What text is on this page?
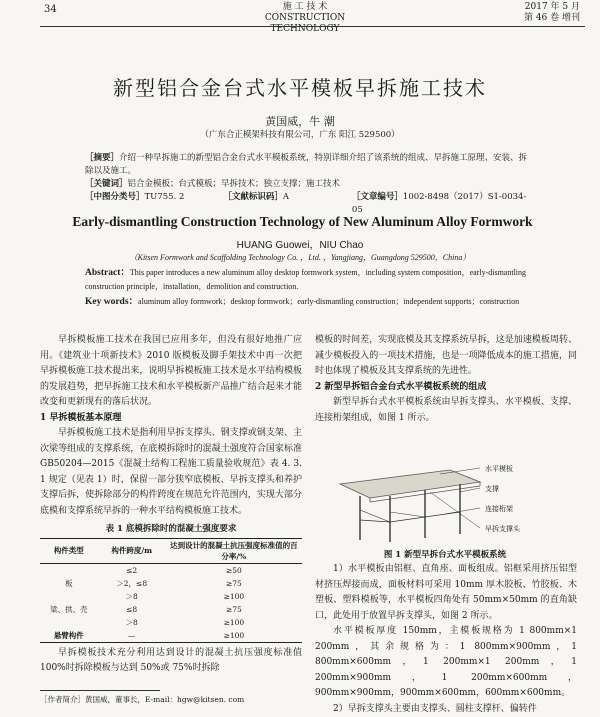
34	施 工 技 术
CONSTRUCTION TECHNOLOGY
2017 年 5 月
第 46 卷 增刊
新型铝合金台式水平模板早拆施工技术
黄国威，牛 潮
（广东合正模架科技有限公司，广东 阳江 529500）
［摘要］介绍一种早拆施工的新型铝合金台式水平模板系统，特别详细介绍了该系统的组成、早拆施工原理、安装、拆除以及施工。
［关键词］铝合金模板；台式模板；早拆技术；独立支撑；施工技术
［中图分类号］TU755. 2	［文献标识码］A	［文章编号］1002-8498（2017）S1-0034-05
Early-dismantling Construction Technology of New Aluminum Alloy Formwork
HUANG Guowei，NIU Chao
（Kitsen Formwork and Scaffolding Technology Co. ，Ltd. ，Yangjiang，Guangdong 529500，China）
Abstract：This paper introduces a new aluminum alloy desktop formwork system，including system composition，early-dismantling construction principle，installation，demolition and construction.
Key words：aluminum alloy formwork；desktop formwork；early-dismantling construction；independent supports；construction

早拆模板施工技术在我国已应用多年，但没有很好地推广应用。《建筑业十项新技术》2010 版模板及脚手架技术中再一次把早拆模板施工技术提出来，说明早拆模板施工技术是水平结构模板的发展趋势，把早拆施工技术和水平模板新产品推广结合起来才能改变和更新现有的落后状况。

1 早拆模板基本原理

早拆模板施工技术是指利用早拆支撑头、钢支撑或钢支架、主次梁等组成的支撑系统，在底模拆除时的混凝土强度符合国家标准 GB50204—2015《混凝土结构工程施工质量验收规范》表 4. 3. 1 规定（见表 1）时，保留一部分狭窄底模板、早拆支撑头和养护支撑后拆，使拆除部分的构件跨度在规范允许范围内，实现大部分底模和支撑系统早拆的一种水平结构模板施工技术。

表 1 底模拆除时的混凝土强度要求
构件类型	构件跨度/m	达到设计的混凝土抗压强度标准值的百分率/%
	≤2	≥50
板	＞2，≤8	≥75
	＞8	≥100
梁、拱、壳	≤8	≥75
	＞8	≥100
悬臂构件	—	≥100

早拆模板技术充分利用达到设计的混凝土抗压强度标准值 100%时拆除模板与达到 50%或 75%时拆除

模板的时间差，实现底模及其支撑系统早拆，这是加速模板周转、减少模板投入的一项技术措施，也是一项降低成本的施工措施，同时也体现了模板及其支撑系统的先进性。

2 新型早拆铝合金台式水平模板系统的组成

新型早拆台式水平模板系统由早拆支撑头、水平模板、支撑、连接桁架组成，如图 1 所示。

水平模板
支撑
连接桁架
早拆支撑头
图 1 新型早拆台式水平模板系统

1）水平模板由铝框、直角座、面板组成。铝框采用挤压铝型材挤压焊接而成，面板材料可采用 10mm 厚木胶板、竹胶板、木塑板、塑料模板等，水平模板四角处有 50mm×50mm 的直角缺口，此处用于放置早拆支撑头，如图 2 所示。

水平模板厚度 150mm，主模板规格为 1 800mm×1 200mm，其余规格为：1 800mm×900mm，1 800mm×600mm，1 200mm×1 200mm，1 200mm×900mm，1 200mm×600mm，900mm×900mm，900mm×600mm，600mm×600mm。

2）早拆支撑头主要由支撑头、圆柱支撑杆、偏转件

［作者简介］黄国威，董事长，E-mail：hgw@kitsen. com
